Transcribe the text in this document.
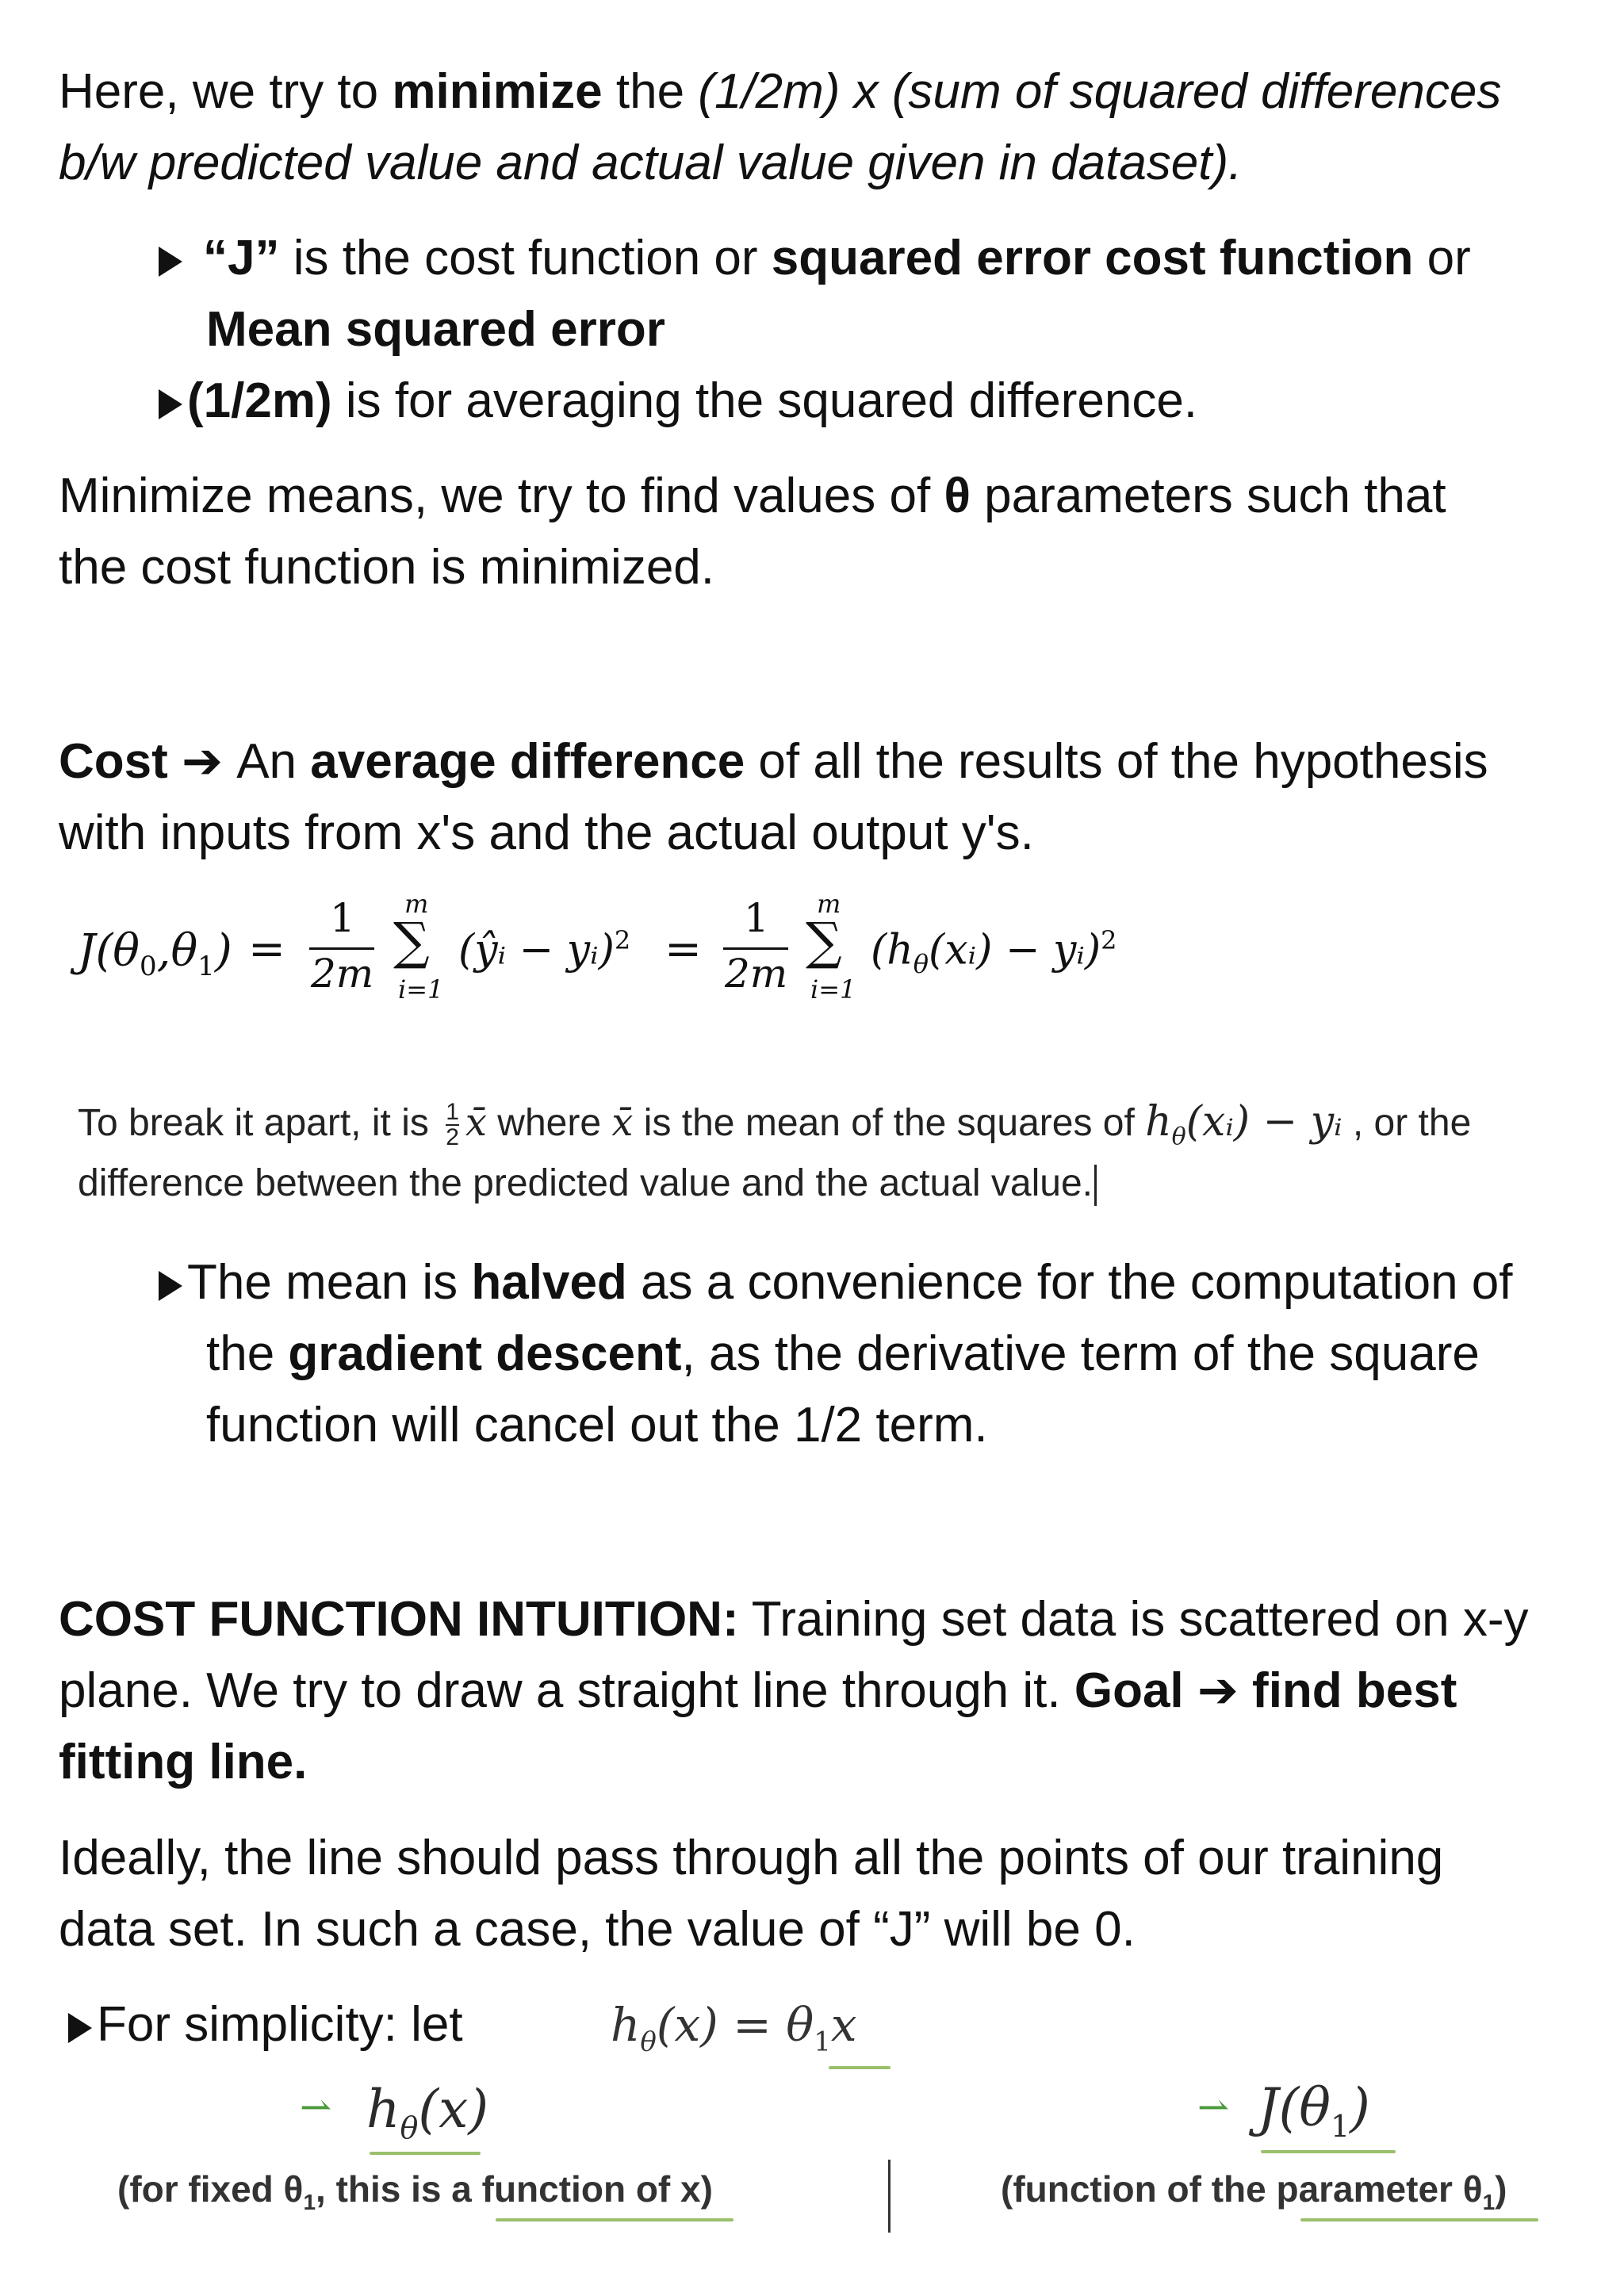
Here, we try to minimize the (1/2m) x (sum of squared differences
b/w predicted value and actual value given in dataset).
“J” is the cost function or squared error cost function or
Mean squared error
(1/2m) is for averaging the squared difference.
Minimize means, we try to find values of θ parameters such that
the cost function is minimized.
Cost ➔ An average difference of all the results of the hypothesis
with inputs from x's and the actual output y's.
$J(\theta_0,\theta_1)$ =
1
2m
m
∑
i=1
(ŷᵢ − yᵢ)$^2$ =
1
2m
m
∑
i=1
($h_\theta(xᵢ)$ − yᵢ)$^2$
To break it apart, it is $\frac{1}{2}$ x̄ where x̄ is the mean of the squares of $h_\theta(xᵢ)$ − yᵢ , or the
difference between the predicted value and the actual value.
The mean is halved as a convenience for the computation of
the gradient descent, as the derivative term of the square
function will cancel out the 1/2 term.
COST FUNCTION INTUITION: Training set data is scattered on x-y
plane. We try to draw a straight line through it. Goal ➔ find best
fitting line.
Ideally, the line should pass through all the points of our training
data set. In such a case, the value of “J” will be 0.
For simplicity: let	$h_\theta(x) = \theta_1x$
⇀ $h_\theta(x)$
(for fixed $\theta_1$, this is a function of x)
⇀ $J(\theta_1)$
(function of the parameter $\theta_1$)
